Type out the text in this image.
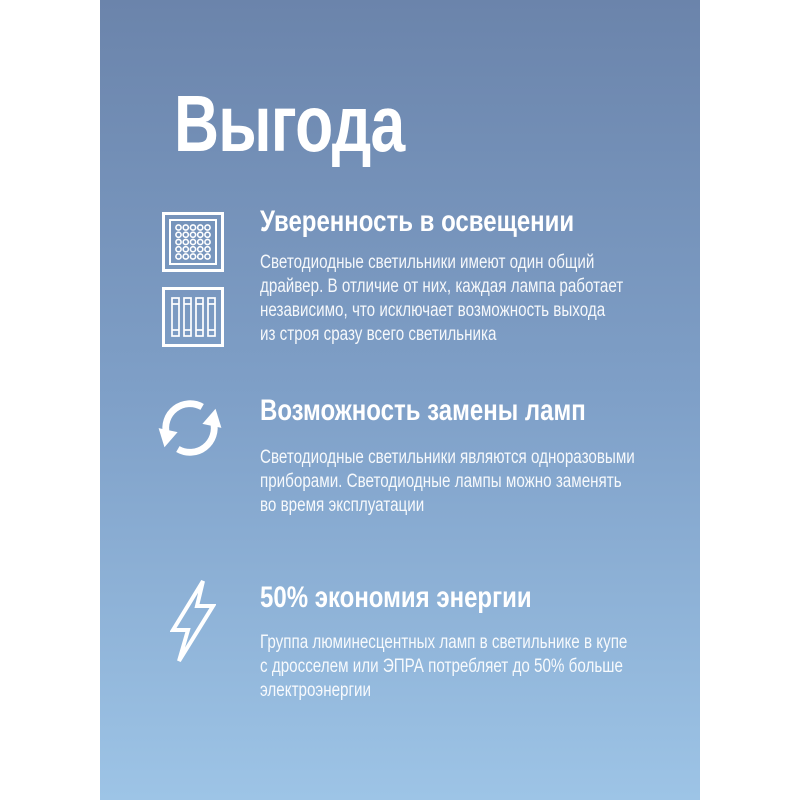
Выгода
Уверенность в освещении
Светодиодные светильники имеют один общий
драйвер. В отличие от них, каждая лампа работает
независимо, что исключает возможность выхода
из строя сразу всего светильника
Возможность замены ламп
Светодиодные светильники являются одноразовыми
приборами. Светодиодные лампы можно заменять
во время эксплуатации
50% экономия энергии
Группа люминесцентных ламп в светильнике в купе
с дросселем или ЭПРА потребляет до 50% больше
электроэнергии
